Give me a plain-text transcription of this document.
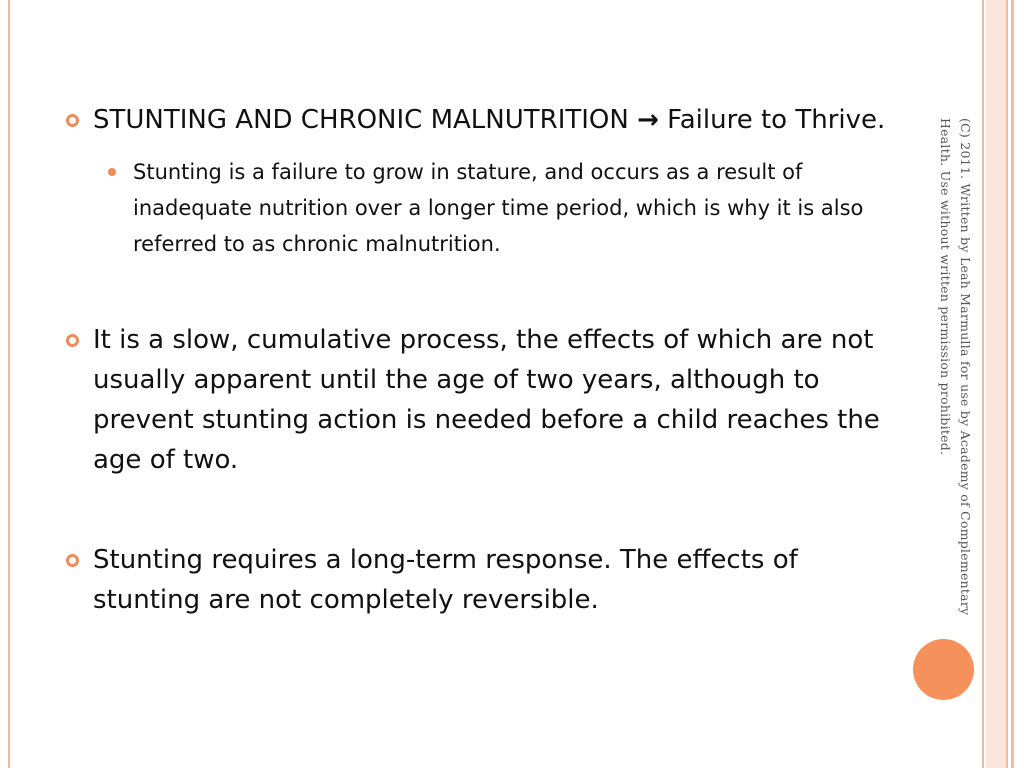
STUNTING AND CHRONIC MALNUTRITION → Failure to Thrive.
Stunting is a failure to grow in stature, and occurs as a result of inadequate nutrition over a longer time period, which is why it is also referred to as chronic malnutrition.
It is a slow, cumulative process, the effects of which are not usually apparent until the age of two years, although to prevent stunting action is needed before a child reaches the age of two.
Stunting requires a long-term response. The effects of stunting are not completely reversible.	(C) 2011. Written by Leah Marmulla for use by Academy of Complementary Health. Use without written permission prohibited.
